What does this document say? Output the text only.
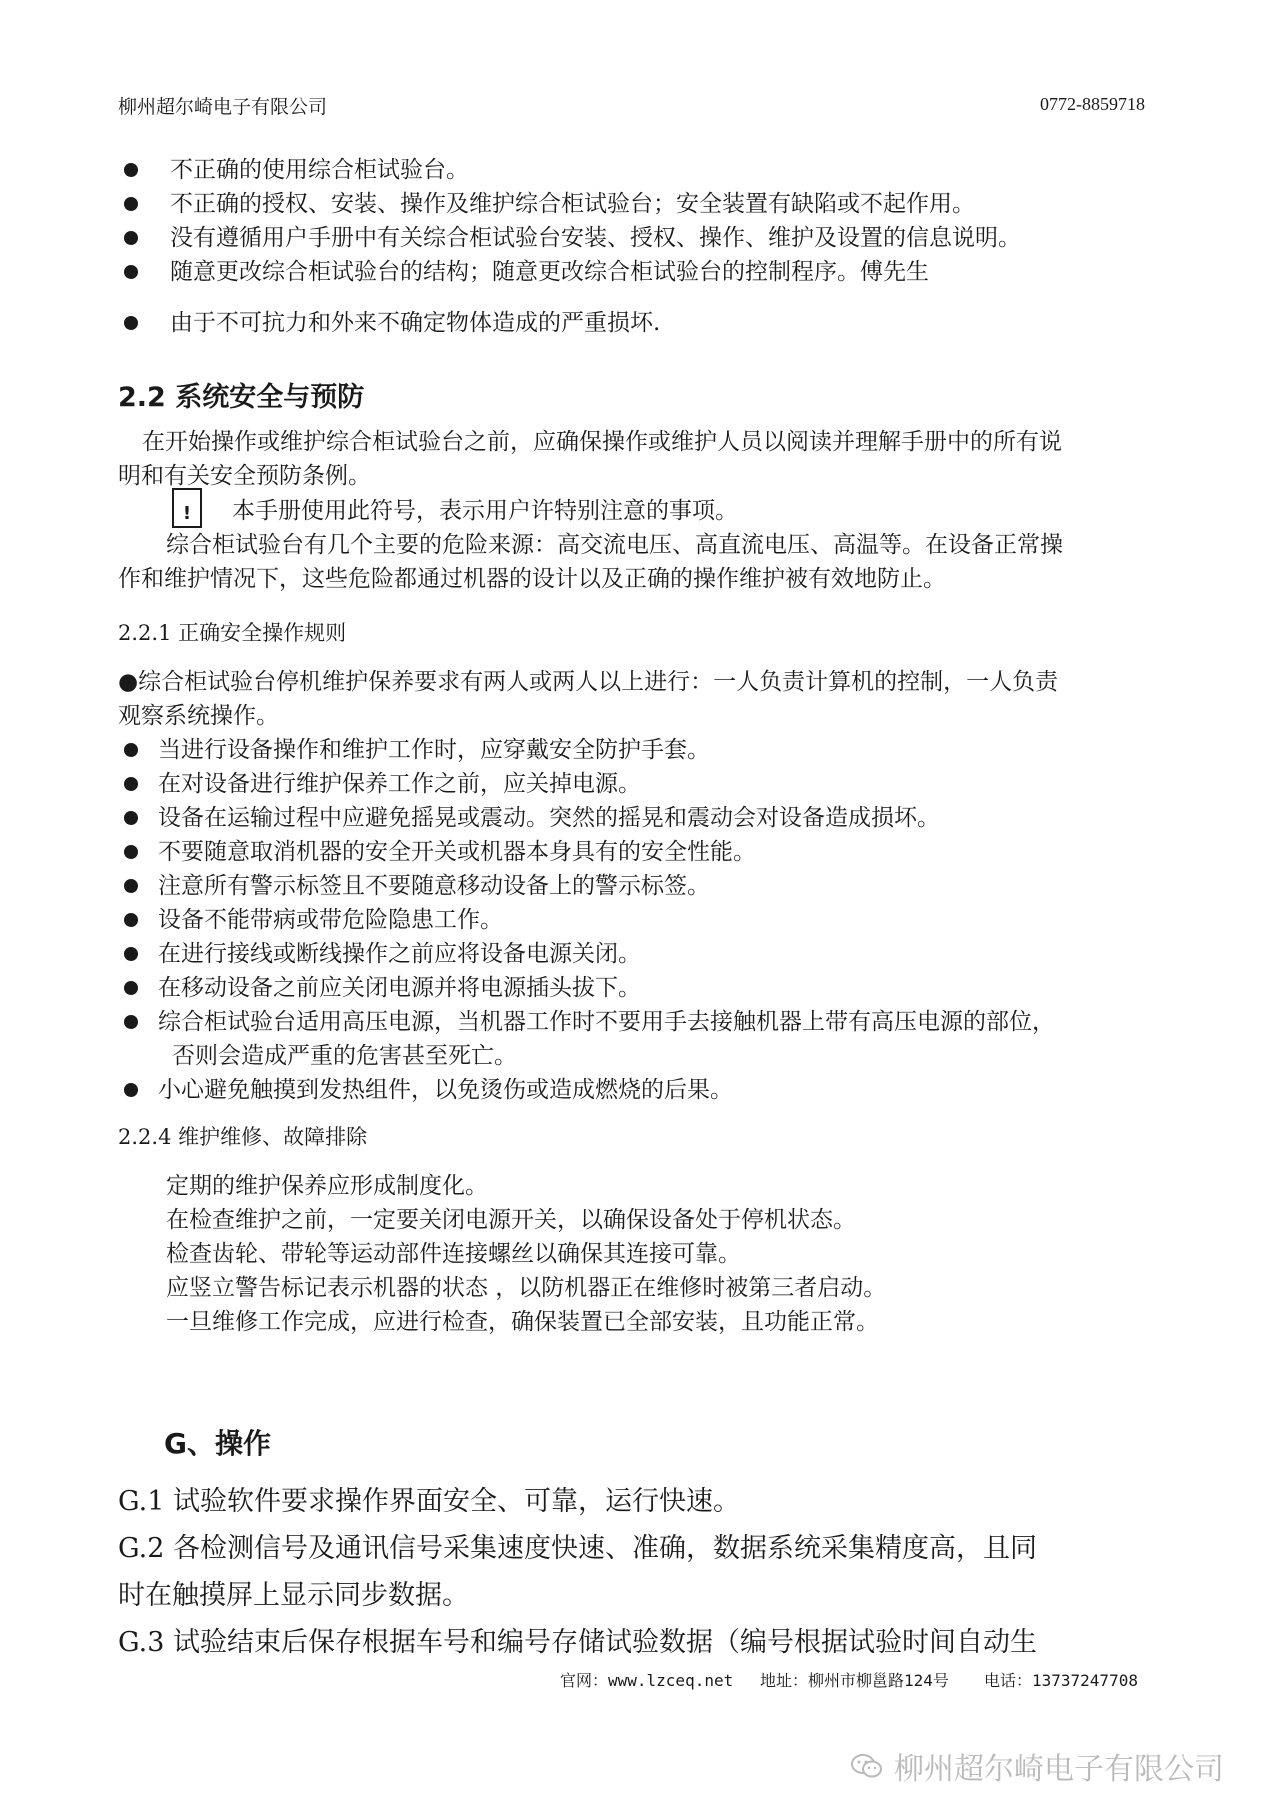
柳州超尔崎电子有限公司	0772-8859718
不正确的使用综合柜试验台。
不正确的授权、安装、操作及维护综合柜试验台；安全装置有缺陷或不起作用。
没有遵循用户手册中有关综合柜试验台安装、授权、操作、维护及设置的信息说明。
随意更改综合柜试验台的结构；随意更改综合柜试验台的控制程序。傅先生
由于不可抗力和外来不确定物体造成的严重损坏.
2.2 系统安全与预防
在开始操作或维护综合柜试验台之前，应确保操作或维护人员以阅读并理解手册中的所有说
明和有关安全预防条例。
!	本手册使用此符号，表示用户许特别注意的事项。
综合柜试验台有几个主要的危险来源：高交流电压、高直流电压、高温等。在设备正常操
作和维护情况下，这些危险都通过机器的设计以及正确的操作维护被有效地防止。
2.2.1 正确安全操作规则
●综合柜试验台停机维护保养要求有两人或两人以上进行：一人负责计算机的控制，一人负责
观察系统操作。
当进行设备操作和维护工作时，应穿戴安全防护手套。
在对设备进行维护保养工作之前，应关掉电源。
设备在运输过程中应避免摇晃或震动。突然的摇晃和震动会对设备造成损坏。
不要随意取消机器的安全开关或机器本身具有的安全性能。
注意所有警示标签且不要随意移动设备上的警示标签。
设备不能带病或带危险隐患工作。
在进行接线或断线操作之前应将设备电源关闭。
在移动设备之前应关闭电源并将电源插头拔下。
综合柜试验台适用高压电源，当机器工作时不要用手去接触机器上带有高压电源的部位，
否则会造成严重的危害甚至死亡。
小心避免触摸到发热组件，以免烫伤或造成燃烧的后果。
2.2.4 维护维修、故障排除
定期的维护保养应形成制度化。
在检查维护之前，一定要关闭电源开关，以确保设备处于停机状态。
检查齿轮、带轮等运动部件连接螺丝以确保其连接可靠。
应竖立警告标记表示机器的状态 ，以防机器正在维修时被第三者启动。
一旦维修工作完成，应进行检查，确保装置已全部安装，且功能正常。
G、操作
G.1 试验软件要求操作界面安全、可靠，运行快速。
G.2 各检测信号及通讯信号采集速度快速、准确，数据系统采集精度高，且同
时在触摸屏上显示同步数据。
G.3 试验结束后保存根据车号和编号存储试验数据（编号根据试验时间自动生
官网：www.lzceq.net 地址：柳州市柳邕路124号 电话：13737247708
柳州超尔崎电子有限公司
